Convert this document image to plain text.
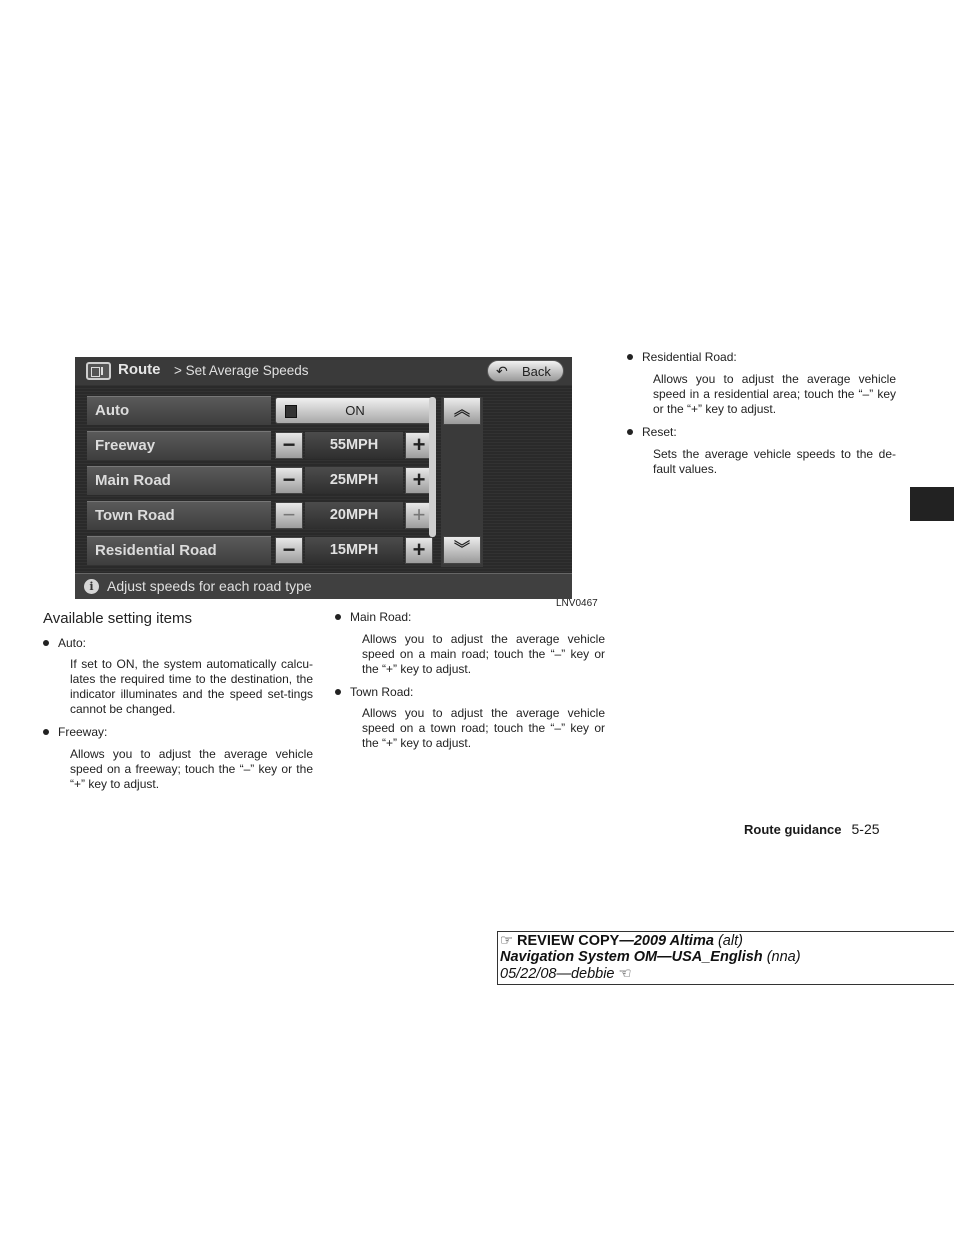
Route > Set Average Speeds	↶ Back
Auto	ON
Freeway	−	55MPH	+
Main Road	−	25MPH	+
Town Road	−	20MPH	+
Residential Road	−	15MPH	+
︽
︾
i Adjust speeds for each road type
LNV0467
Available setting items
Auto:
If set to ON, the system automatically calcu-lates the required time to the destination, the indicator illuminates and the speed set-tings cannot be changed.
Freeway:
Allows you to adjust the average vehicle speed on a freeway; touch the “–” key or the “+” key to adjust.
Main Road:
Allows you to adjust the average vehicle speed on a main road; touch the “–” key or the “+” key to adjust.
Town Road:
Allows you to adjust the average vehicle speed on a town road; touch the “–” key or the “+” key to adjust.
Residential Road:
Allows you to adjust the average vehicle speed in a residential area; touch the “–” key or the “+” key to adjust.
Reset:
Sets the average vehicle speeds to the de-fault values.
Route guidance 5-25
☞ REVIEW COPY—2009 Altima (alt)
Navigation System OM—USA_English (nna)
05/22/08—debbie ☜
